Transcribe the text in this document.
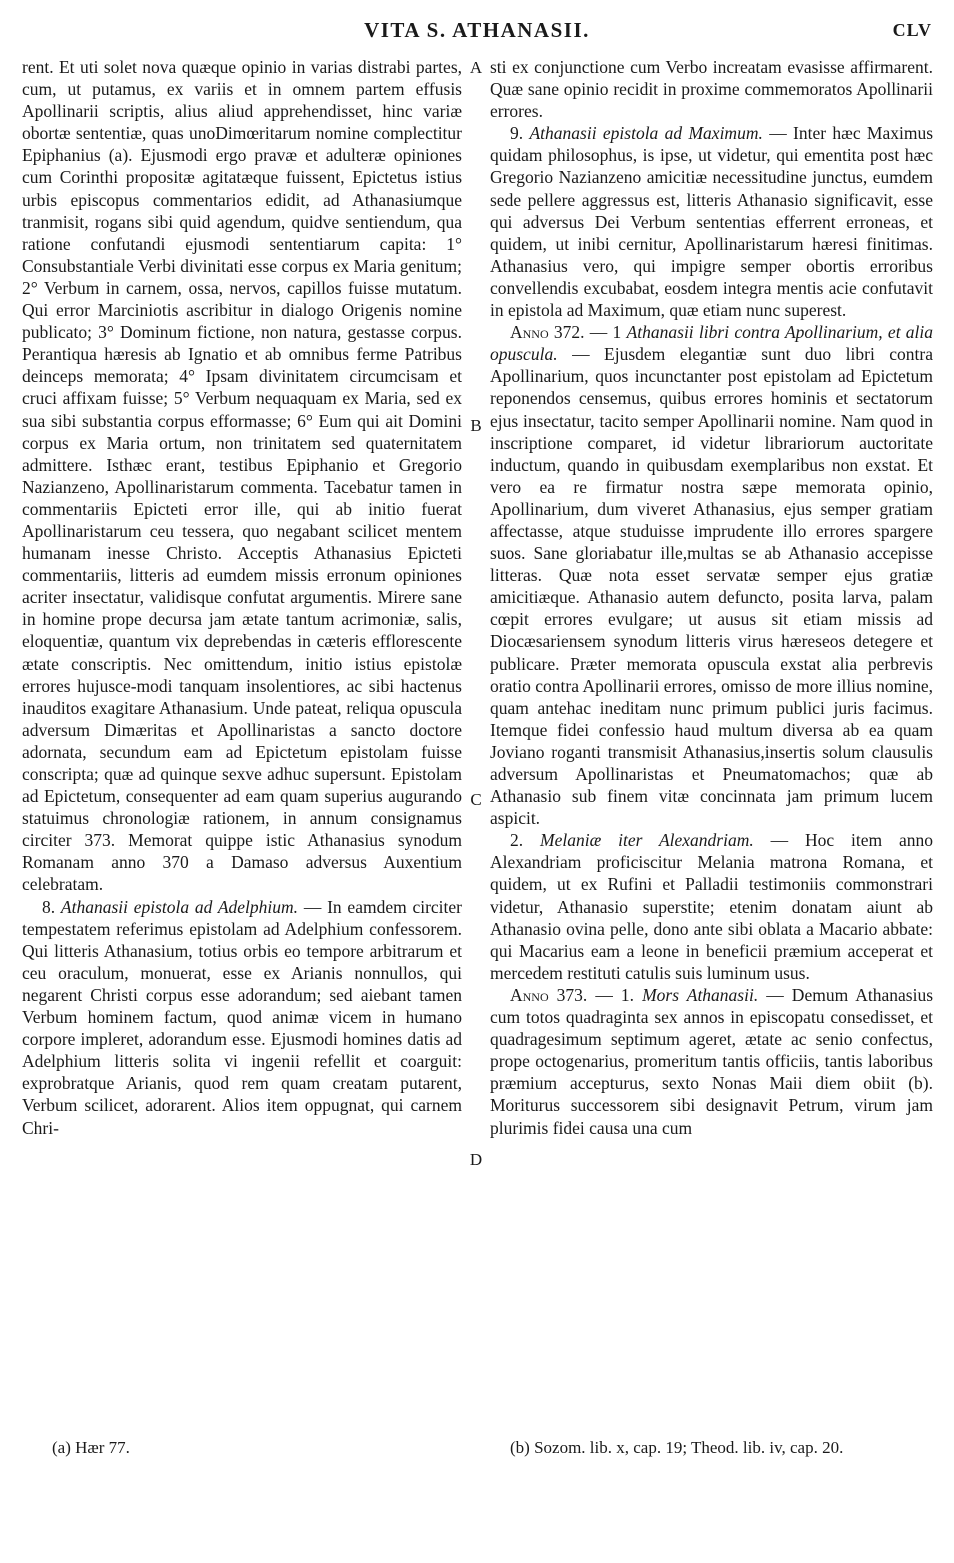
VITA S. ATHANASII.	CLV

rent. Et uti solet nova quæque opinio in varias distrabi partes, cum, ut putamus, ex variis et in omnem partem effusis Apollinarii scriptis, alius aliud apprehendisset, hinc variæ obortæ sententiæ, quas unoDimœritarum nomine complectitur Epiphanius (a). Ejusmodi ergo pravæ et adulteræ opiniones cum Corinthi propositæ agitatæque fuissent, Epictetus istius urbis episcopus commentarios edidit, ad Athanasiumque tranmisit, rogans sibi quid agendum, quidve sentiendum, qua ratione confutandi ejusmodi sententiarum capita: 1° Consubstantiale Verbi divinitati esse corpus ex Maria genitum; 2° Verbum in carnem, ossa, nervos, capillos fuisse mutatum. Qui error Marciniotis ascribitur in dialogo Origenis nomine publicato; 3° Dominum fictione, non natura, gestasse corpus. Perantiqua hæresis ab Ignatio et ab omnibus ferme Patribus deinceps memorata; 4° Ipsam divinitatem circumcisam et cruci affixam fuisse; 5° Verbum nequaquam ex Maria, sed ex sua sibi substantia corpus efformasse; 6° Eum qui ait Domini corpus ex Maria ortum, non trinitatem sed quaternitatem admittere. Isthæc erant, testibus Epiphanio et Gregorio Nazianzeno, Apollinaristarum commenta. Tacebatur tamen in commentariis Epicteti error ille, qui ab initio fuerat Apollinaristarum ceu tessera, quo negabant scilicet mentem humanam inesse Christo. Acceptis Athanasius Epicteti commentariis, litteris ad eumdem missis erronum opiniones acriter insectatur, validisque confutat argumentis. Mirere sane in homine prope decursa jam ætate tantum acrimoniæ, salis, eloquentiæ, quantum vix deprebendas in cæteris efflorescente ætate conscriptis. Nec omittendum, initio istius epistolæ errores hujusce-modi tanquam insolentiores, ac sibi hactenus inauditos exagitare Athanasium. Unde pateat, reliqua opuscula adversum Dimæritas et Apollinaristas a sancto doctore adornata, secundum eam ad Epictetum epistolam fuisse conscripta; quæ ad quinque sexve adhuc supersunt. Epistolam ad Epictetum, consequenter ad eam quam superius augurando statuimus chronologiæ rationem, in annum consignamus circiter 373. Memorat quippe istic Athanasius synodum Romanam anno 370 a Damaso adversus Auxentium celebratam.

8. Athanasii epistola ad Adelphium. — In eamdem circiter tempestatem referimus epistolam ad Adelphium confessorem. Qui litteris Athanasium, totius orbis eo tempore arbitrarum et ceu oraculum, monuerat, esse ex Arianis nonnullos, qui negarent Christi corpus esse adorandum; sed aiebant tamen Verbum hominem factum, quod animæ vicem in humano corpore impleret, adorandum esse. Ejusmodi homines datis ad Adelphium litteris solita vi ingenii refellit et coarguit: exprobratque Arianis, quod rem quam creatam putarent, Verbum scilicet, adorarent. Alios item oppugnat, qui carnem Chri-

A
B
C
D

sti ex conjunctione cum Verbo increatam evasisse affirmarent. Quæ sane opinio recidit in proxime commemoratos Apollinarii errores.

9. Athanasii epistola ad Maximum. — Inter hæc Maximus quidam philosophus, is ipse, ut videtur, qui ementita post hæc Gregorio Nazianzeno amicitiæ necessitudine junctus, eumdem sede pellere aggressus est, litteris Athanasio significavit, esse qui adversus Dei Verbum sententias efferrent erroneas, et quidem, ut inibi cernitur, Apollinaristarum hæresi finitimas. Athanasius vero, qui impigre semper obortis erroribus convellendis excubabat, eosdem integra mentis acie confutavit in epistola ad Maximum, quæ etiam nunc superest.

Anno 372. — 1 Athanasii libri contra Apollinarium, et alia opuscula. — Ejusdem elegantiæ sunt duo libri contra Apollinarium, quos incunctanter post epistolam ad Epictetum reponendos censemus, quibus errores hominis et sectatorum ejus insectatur, tacito semper Apollinarii nomine. Nam quod in inscriptione comparet, id videtur librariorum auctoritate inductum, quando in quibusdam exemplaribus non exstat. Et vero ea re firmatur nostra sæpe memorata opinio, Apollinarium, dum viveret Athanasius, ejus semper gratiam affectasse, atque studuisse imprudente illo errores spargere suos. Sane gloriabatur ille,multas se ab Athanasio accepisse litteras. Quæ nota esset servatæ semper ejus gratiæ amicitiæque. Athanasio autem defuncto, posita larva, palam cœpit errores evulgare; ut ausus sit etiam missis ad Diocæsariensem synodum litteris virus hæreseos detegere et publicare. Præter memorata opuscula exstat alia perbrevis oratio contra Apollinarii errores, omisso de more illius nomine, quam antehac ineditam nunc primum publici juris facimus. Itemque fidei confessio haud multum diversa ab ea quam Joviano roganti transmisit Athanasius,insertis solum clausulis adversum Apollinaristas et Pneumatomachos; quæ ab Athanasio sub finem vitæ concinnata jam primum lucem aspicit.

2. Melaniæ iter Alexandriam. — Hoc item anno Alexandriam proficiscitur Melania matrona Romana, et quidem, ut ex Rufini et Palladii testimoniis commonstrari videtur, Athanasio superstite; etenim donatam aiunt ab Athanasio ovina pelle, dono ante sibi oblata a Macario abbate: qui Macarius eam a leone in beneficii præmium acceperat et mercedem restituti catulis suis luminum usus.

Anno 373. — 1. Mors Athanasii. — Demum Athanasius cum totos quadraginta sex annos in episcopatu consedisset, et quadragesimum septimum ageret, ætate ac senio confectus, prope octogenarius, promeritum tantis officiis, tantis laboribus præmium accepturus, sexto Nonas Maii diem obiit (b). Moriturus successorem sibi designavit Petrum, virum jam plurimis fidei causa una cum

(a) Hær 77.	(b) Sozom. lib. x, cap. 19; Theod. lib. iv, cap. 20.
